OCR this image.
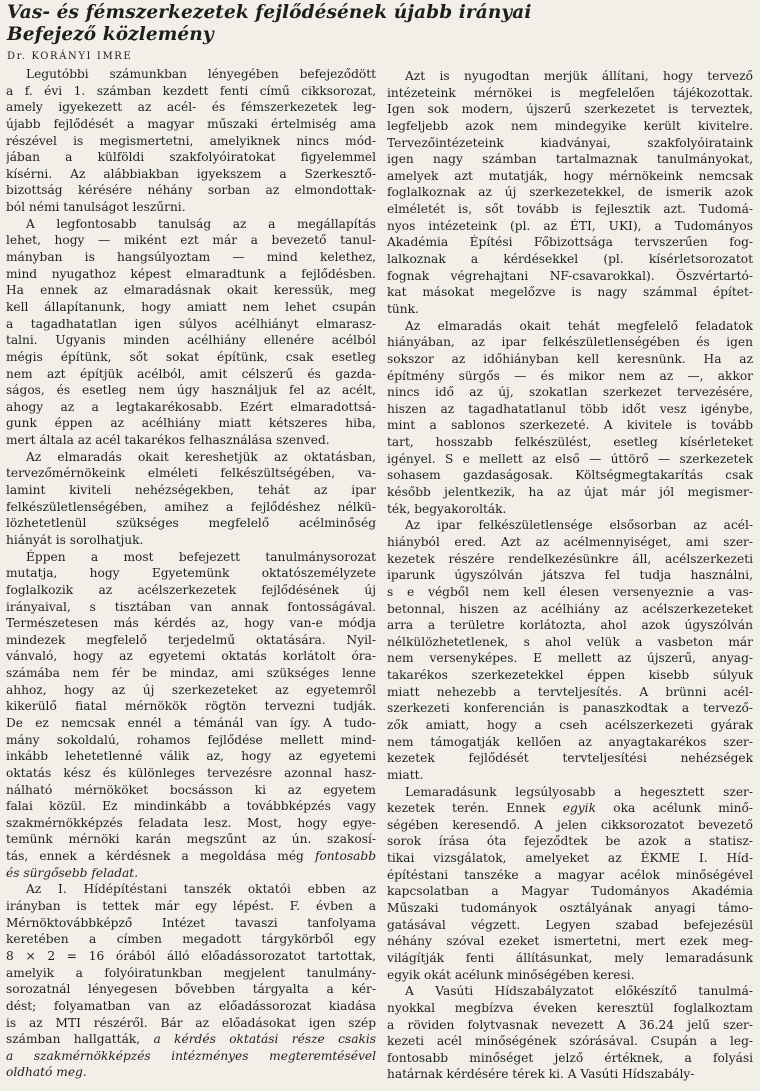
Vas- és fémszerkezetek fejlődésének újabb irányai
Befejező közlemény
Dr. KORÁNYI IMRE
Legutóbbi számunkban lényegében befejeződött
a f. évi 1. számban kezdett fenti című cikksorozat,
amely igyekezett az acél- és fémszerkezetek leg-
újabb fejlődését a magyar műszaki értelmiség ama
részével is megismertetni, amelyiknek nincs mód-
jában a külföldi szakfolyóiratokat figyelemmel
kísérni. Az alábbiakban igyekszem a Szerkesztő-
bizottság kérésére néhány sorban az elmondottak-
ból némi tanulságot leszűrni.
A legfontosabb tanulság az a megállapítás
lehet, hogy — miként ezt már a bevezető tanul-
mányban is hangsúlyoztam — mind kelethez,
mind nyugathoz képest elmaradtunk a fejlődésben.
Ha ennek az elmaradásnak okait keressük, meg
kell állapítanunk, hogy amiatt nem lehet csupán
a tagadhatatlan igen súlyos acélhiányt elmarasz-
talni. Ugyanis minden acélhiány ellenére acélból
mégis építünk, sőt sokat építünk, csak esetleg
nem azt építjük acélból, amit célszerű és gazda-
ságos, és esetleg nem úgy használjuk fel az acélt,
ahogy az a legtakarékosabb. Ezért elmaradottsá-
gunk éppen az acélhiány miatt kétszeres hiba,
mert általa az acél takarékos felhasználása szenved.
Az elmaradás okait kereshetjük az oktatásban,
tervezőmérnökeink elméleti felkészültségében, va-
lamint kiviteli nehézségekben, tehát az ipar
felkészületlenségében, amihez a fejlődéshez nélkü-
lözhetetlenül szükséges megfelelő acélminőség
hiányát is sorolhatjuk.
Éppen a most befejezett tanulmánysorozat
mutatja, hogy Egyetemünk oktatószemélyzete
foglalkozik az acélszerkezetek fejlődésének új
irányaival, s tisztában van annak fontosságával.
Természetesen más kérdés az, hogy van-e módja
mindezek megfelelő terjedelmű oktatására. Nyil-
vánvaló, hogy az egyetemi oktatás korlátolt óra-
számába nem fér be mindaz, ami szükséges lenne
ahhoz, hogy az új szerkezeteket az egyetemről
kikerülő fiatal mérnökök rögtön tervezni tudják.
De ez nemcsak ennél a témánál van így. A tudo-
mány sokoldalú, rohamos fejlődése mellett mind-
inkább lehetetlenné válik az, hogy az egyetemi
oktatás kész és különleges tervezésre azonnal hasz-
nálható mérnököket bocsásson ki az egyetem
falai közül. Ez mindinkább a továbbképzés vagy
szakmérnökképzés feladata lesz. Most, hogy egye-
temünk mérnöki karán megszűnt az ún. szakosí-
tás, ennek a kérdésnek a megoldása még fontosabb
és sürgősebb feladat.
Az I. Hídépítéstani tanszék oktatói ebben az
irányban is tettek már egy lépést. F. évben a
Mérnöktovábbképző Intézet tavaszi tanfolyama
keretében a címben megadott tárgykörből egy
8 × 2 = 16 órából álló előadássorozatot tartottak,
amelyik a folyóiratunkban megjelent tanulmány-
sorozatnál lényegesen bővebben tárgyalta a kér-
dést; folyamatban van az előadássorozat kiadása
is az MTI részéről. Bár az előadásokat igen szép
számban hallgatták, a kérdés oktatási része csakis
a szakmérnökképzés intézményes megteremtésével
oldható meg.
Azt is nyugodtan merjük állítani, hogy tervező
intézeteink mérnökei is megfelelően tájékozottak.
Igen sok modern, újszerű szerkezetet is terveztek,
legfeljebb azok nem mindegyike került kivitelre.
Tervezőintézeteink kiadványai, szakfolyóirataink
igen nagy számban tartalmaznak tanulmányokat,
amelyek azt mutatják, hogy mérnökeink nemcsak
foglalkoznak az új szerkezetekkel, de ismerik azok
elméletét is, sőt tovább is fejlesztik azt. Tudomá-
nyos intézeteink (pl. az ÉTI, UKI), a Tudományos
Akadémia Építési Főbizottsága tervszerűen fog-
lalkoznak a kérdésekkel (pl. kísérletsorozatot
fognak végrehajtani NF-csavarokkal). Öszvértartó-
kat másokat megelőzve is nagy számmal építet-
tünk.
Az elmaradás okait tehát megfelelő feladatok
hiányában, az ipar felkészületlenségében és igen
sokszor az időhiányban kell keresnünk. Ha az
építmény sürgős — és mikor nem az —, akkor
nincs idő az új, szokatlan szerkezet tervezésére,
hiszen az tagadhatatlanul több időt vesz igénybe,
mint a sablonos szerkezeté. A kivitele is tovább
tart, hosszabb felkészülést, esetleg kísérleteket
igényel. S e mellett az első — úttörő — szerkezetek
sohasem gazdaságosak. Költségmegtakarítás csak
később jelentkezik, ha az újat már jól megismer-
ték, begyakorolták.
Az ipar felkészületlensége elsősorban az acél-
hiányból ered. Azt az acélmennyiséget, ami szer-
kezetek részére rendelkezésünkre áll, acélszerkezeti
iparunk úgyszólván játszva fel tudja használni,
s e végből nem kell élesen versenyeznie a vas-
betonnal, hiszen az acélhiány az acélszerkezeteket
arra a területre korlátozta, ahol azok úgyszólván
nélkülözhetetlenek, s ahol velük a vasbeton már
nem versenyképes. E mellett az újszerű, anyag-
takarékos szerkezetekkel éppen kisebb súlyuk
miatt nehezebb a tervteljesítés. A brünni acél-
szerkezeti konferencián is panaszkodtak a tervező-
zők amiatt, hogy a cseh acélszerkezeti gyárak
nem támogatják kellően az anyagtakarékos szer-
kezetek fejlődését tervteljesítési nehézségek
miatt.
Lemaradásunk legsúlyosabb a hegesztett szer-
kezetek terén. Ennek egyik oka acélunk minő-
ségében keresendő. A jelen cikksorozatot bevezető
sorok írása óta fejeződtek be azok a statisz-
tikai vizsgálatok, amelyeket az ÉKME I. Híd-
építéstani tanszéke a magyar acélok minőségével
kapcsolatban a Magyar Tudományos Akadémia
Műszaki tudományok osztályának anyagi támo-
gatásával végzett. Legyen szabad befejezésül
néhány szóval ezeket ismertetni, mert ezek meg-
világítják fenti állításunkat, mely lemaradásunk
egyik okát acélunk minőségében keresi.
A Vasúti Hídszabályzatot előkészítő tanulmá-
nyokkal megbízva éveken keresztül foglalkoztam
a röviden folytvasnak nevezett A 36.24 jelű szer-
kezeti acél minőségének szórásával. Csupán a leg-
fontosabb minőséget jelző értéknek, a folyási
határnak kérdésére térek ki. A Vasúti Hídszabály-
